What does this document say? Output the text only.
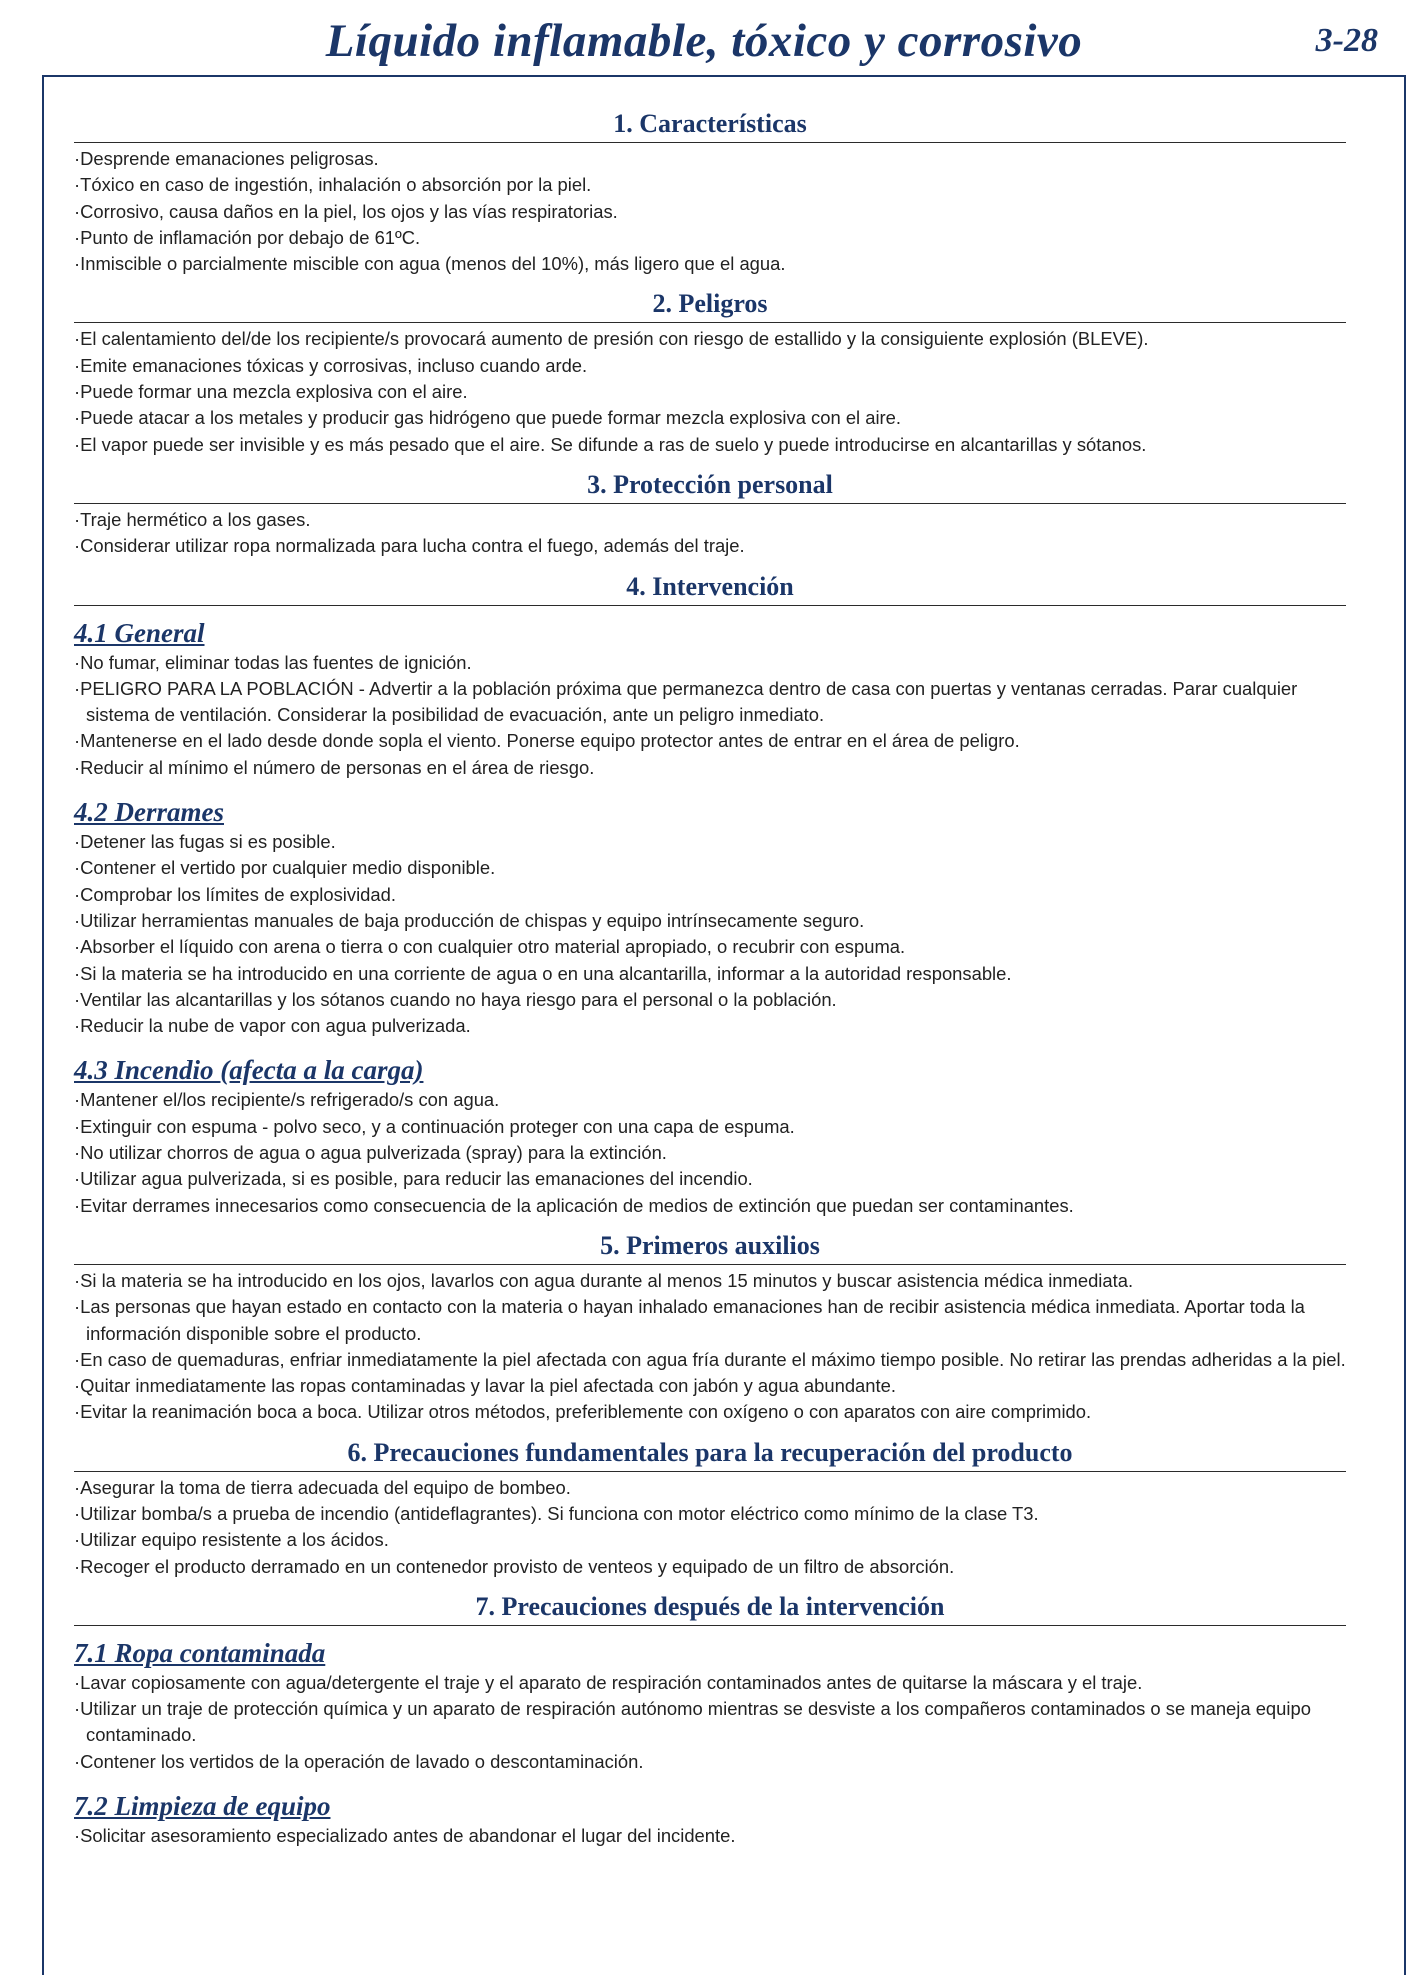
Líquido inflamable, tóxico y corrosivo	3-28
1. Características
· Desprende emanaciones peligrosas.
· Tóxico en caso de ingestión, inhalación o absorción por la piel.
· Corrosivo, causa daños en la piel, los ojos y las vías respiratorias.
· Punto de inflamación por debajo de 61ºC.
· Inmiscible o parcialmente miscible con agua (menos del 10%), más ligero que el agua.
2. Peligros
· El calentamiento del/de los recipiente/s provocará aumento de presión con riesgo de estallido y la consiguiente explosión (BLEVE).
· Emite emanaciones tóxicas y corrosivas, incluso cuando arde.
· Puede formar una mezcla explosiva con el aire.
· Puede atacar a los metales y producir gas hidrógeno que puede formar mezcla explosiva con el aire.
· El vapor puede ser invisible y es más pesado que el aire. Se difunde a ras de suelo y puede introducirse en alcantarillas y sótanos.
3. Protección personal
· Traje hermético a los gases.
· Considerar utilizar ropa normalizada para lucha contra el fuego, además del traje.
4. Intervención
4.1 General
· No fumar, eliminar todas las fuentes de ignición.
· PELIGRO PARA LA POBLACIÓN - Advertir a la población próxima que permanezca dentro de casa con puertas y ventanas cerradas. Parar cualquier sistema de ventilación. Considerar la posibilidad de evacuación, ante un peligro inmediato.
· Mantenerse en el lado desde donde sopla el viento. Ponerse equipo protector antes de entrar en el área de peligro.
· Reducir al mínimo el número de personas en el área de riesgo.
4.2 Derrames
· Detener las fugas si es posible.
· Contener el vertido por cualquier medio disponible.
· Comprobar los límites de explosividad.
· Utilizar herramientas manuales de baja producción de chispas y equipo intrínsecamente seguro.
· Absorber el líquido con arena o tierra o con cualquier otro material apropiado, o recubrir con espuma.
· Si la materia se ha introducido en una corriente de agua o en una alcantarilla, informar a la autoridad responsable.
· Ventilar las alcantarillas y los sótanos cuando no haya riesgo para el personal o la población.
· Reducir la nube de vapor con agua pulverizada.
4.3 Incendio (afecta a la carga)
· Mantener el/los recipiente/s refrigerado/s con agua.
· Extinguir con espuma - polvo seco, y a continuación proteger con una capa de espuma.
· No utilizar chorros de agua o agua pulverizada (spray) para la extinción.
· Utilizar agua pulverizada, si es posible, para reducir las emanaciones del incendio.
· Evitar derrames innecesarios como consecuencia de la aplicación de medios de extinción que puedan ser contaminantes.
5. Primeros auxilios
· Si la materia se ha introducido en los ojos, lavarlos con agua durante al menos 15 minutos y buscar asistencia médica inmediata.
· Las personas que hayan estado en contacto con la materia o hayan inhalado emanaciones han de recibir asistencia médica inmediata. Aportar toda la información disponible sobre el producto.
· En caso de quemaduras, enfriar inmediatamente la piel afectada con agua fría durante el máximo tiempo posible. No retirar las prendas adheridas a la piel.
· Quitar inmediatamente las ropas contaminadas y lavar la piel afectada con jabón y agua abundante.
· Evitar la reanimación boca a boca. Utilizar otros métodos, preferiblemente con oxígeno o con aparatos con aire comprimido.
6. Precauciones fundamentales para la recuperación del producto
· Asegurar la toma de tierra adecuada del equipo de bombeo.
· Utilizar bomba/s a prueba de incendio (antideflagrantes). Si funciona con motor eléctrico como mínimo de la clase T3.
· Utilizar equipo resistente a los ácidos.
· Recoger el producto derramado en un contenedor provisto de venteos y equipado de un filtro de absorción.
7. Precauciones después de la intervención
7.1 Ropa contaminada
· Lavar copiosamente con agua/detergente el traje y el aparato de respiración contaminados antes de quitarse la máscara y el traje.
· Utilizar un traje de protección química y un aparato de respiración autónomo mientras se desviste a los compañeros contaminados o se maneja equipo contaminado.
· Contener los vertidos de la operación de lavado o descontaminación.
7.2 Limpieza de equipo
· Solicitar asesoramiento especializado antes de abandonar el lugar del incidente.
